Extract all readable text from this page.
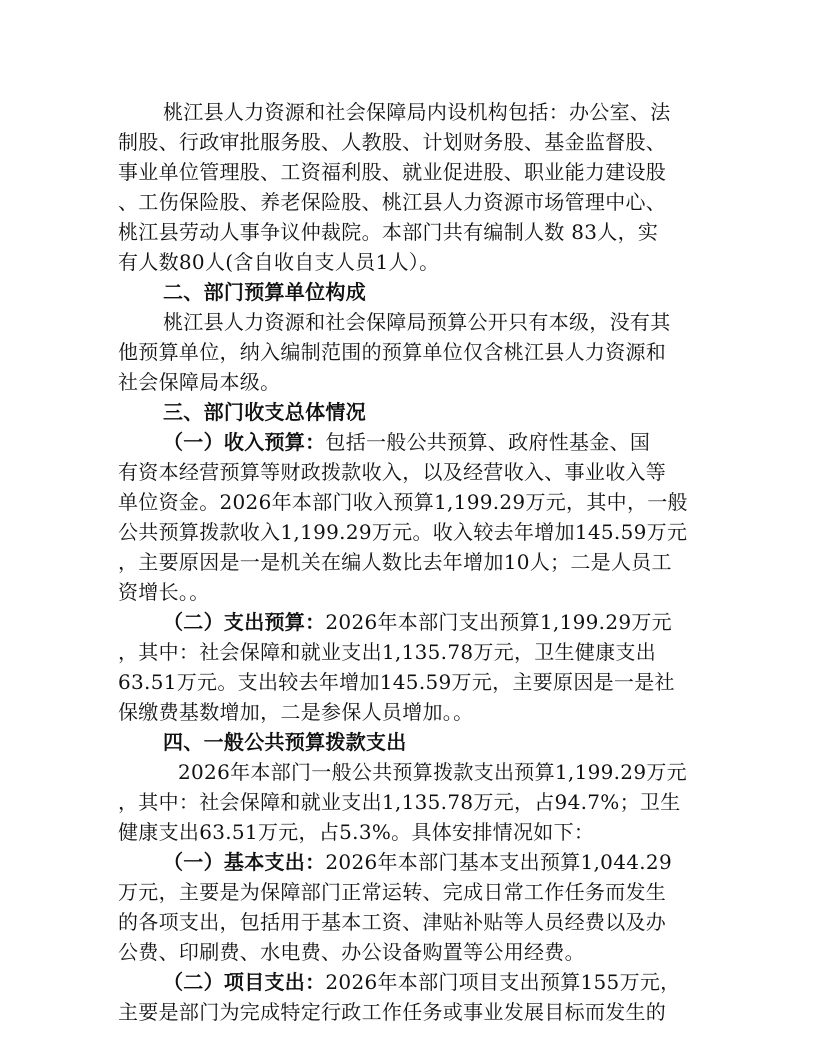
桃江县人力资源和社会保障局内设机构包括：办公室、法
制股、行政审批服务股、人教股、计划财务股、基金监督股、
事业单位管理股、工资福利股、就业促进股、职业能力建设股
、工伤保险股、养老保险股、桃江县人力资源市场管理中心、
桃江县劳动人事争议仲裁院。本部门共有编制人数 83人，实
有人数80人(含自收自支人员1人）。
二、部门预算单位构成
桃江县人力资源和社会保障局预算公开只有本级，没有其
他预算单位，纳入编制范围的预算单位仅含桃江县人力资源和
社会保障局本级。
三、部门收支总体情况
（一）收入预算：包括一般公共预算、政府性基金、国
有资本经营预算等财政拨款收入，以及经营收入、事业收入等
单位资金。2026年本部门收入预算1,199.29万元，其中，一般
公共预算拨款收入1,199.29万元。收入较去年增加145.59万元
，主要原因是一是机关在编人数比去年增加10人；二是人员工
资增长。。
（二）支出预算：2026年本部门支出预算1,199.29万元
，其中：社会保障和就业支出1,135.78万元，卫生健康支出
63.51万元。支出较去年增加145.59万元，主要原因是一是社
保缴费基数增加，二是参保人员增加。。
四、一般公共预算拨款支出
2026年本部门一般公共预算拨款支出预算1,199.29万元
，其中：社会保障和就业支出1,135.78万元，占94.7%；卫生
健康支出63.51万元，占5.3%。具体安排情况如下：
（一）基本支出：2026年本部门基本支出预算1,044.29
万元，主要是为保障部门正常运转、完成日常工作任务而发生
的各项支出，包括用于基本工资、津贴补贴等人员经费以及办
公费、印刷费、水电费、办公设备购置等公用经费。
（二）项目支出：2026年本部门项目支出预算155万元，
主要是部门为完成特定行政工作任务或事业发展目标而发生的
